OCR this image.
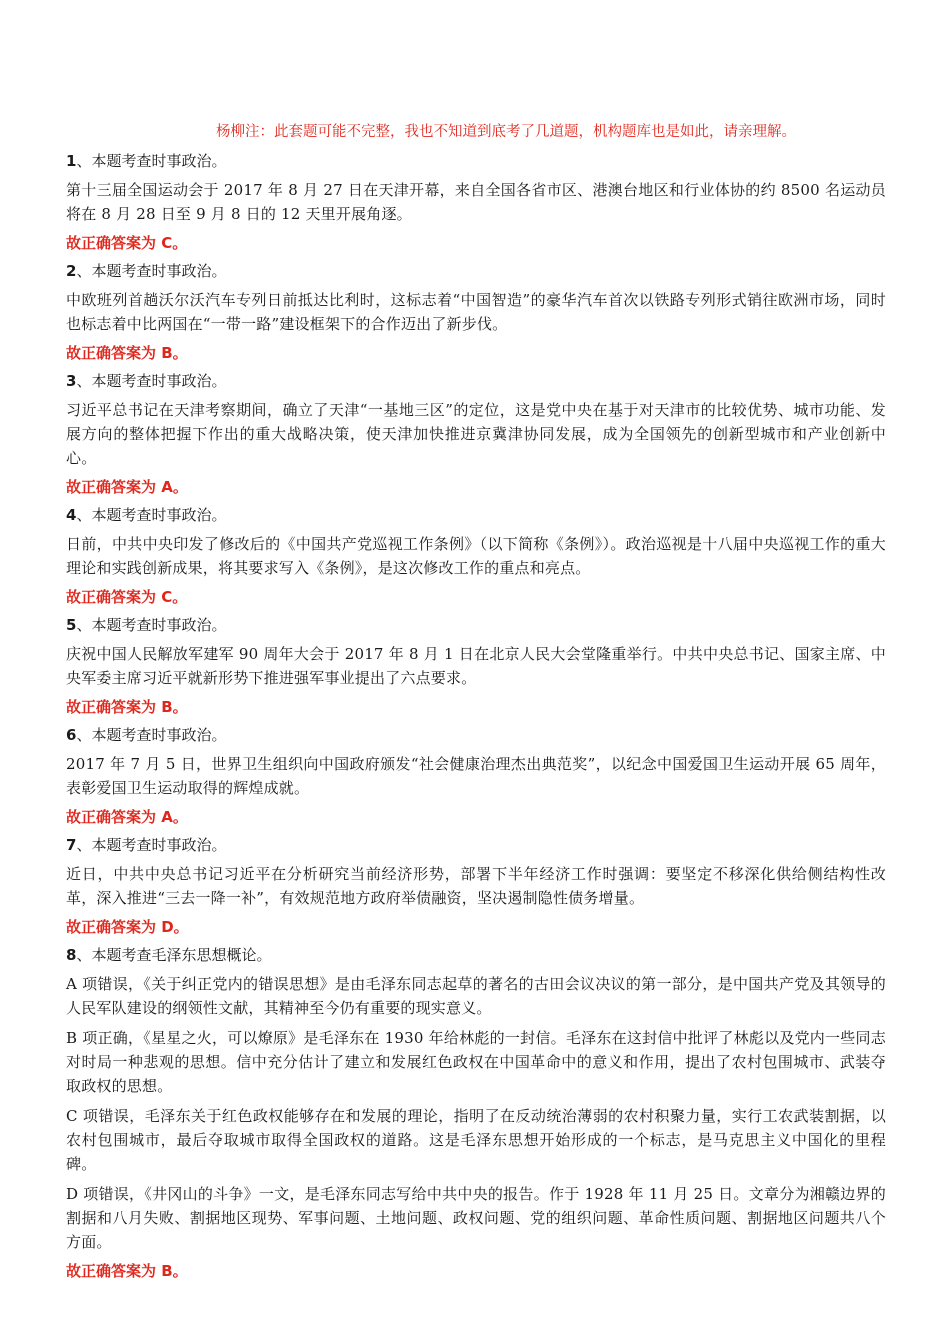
杨柳注：此套题可能不完整，我也不知道到底考了几道题，机构题库也是如此，请亲理解。
1、本题考查时事政治。
第十三届全国运动会于 2017 年 8 月 27 日在天津开幕，来自全国各省市区、港澳台地区和行业体协的约 8500 名运动员将在 8 月 28 日至 9 月 8 日的 12 天里开展角逐。
故正确答案为 C。
2、本题考查时事政治。
中欧班列首趟沃尔沃汽车专列日前抵达比利时，这标志着“中国智造”的豪华汽车首次以铁路专列形式销往欧洲市场，同时也标志着中比两国在“一带一路”建设框架下的合作迈出了新步伐。
故正确答案为 B。
3、本题考查时事政治。
习近平总书记在天津考察期间，确立了天津“一基地三区”的定位，这是党中央在基于对天津市的比较优势、城市功能、发展方向的整体把握下作出的重大战略决策，使天津加快推进京冀津协同发展，成为全国领先的创新型城市和产业创新中心。
故正确答案为 A。
4、本题考查时事政治。
日前，中共中央印发了修改后的《中国共产党巡视工作条例》（以下简称《条例》）。政治巡视是十八届中央巡视工作的重大理论和实践创新成果，将其要求写入《条例》，是这次修改工作的重点和亮点。
故正确答案为 C。
5、本题考查时事政治。
庆祝中国人民解放军建军 90 周年大会于 2017 年 8 月 1 日在北京人民大会堂隆重举行。中共中央总书记、国家主席、中央军委主席习近平就新形势下推进强军事业提出了六点要求。
故正确答案为 B。
6、本题考查时事政治。
2017 年 7 月 5 日，世界卫生组织向中国政府颁发“社会健康治理杰出典范奖”，以纪念中国爱国卫生运动开展 65 周年，表彰爱国卫生运动取得的辉煌成就。
故正确答案为 A。
7、本题考查时事政治。
近日，中共中央总书记习近平在分析研究当前经济形势，部署下半年经济工作时强调：要坚定不移深化供给侧结构性改革，深入推进“三去一降一补”，有效规范地方政府举债融资，坚决遏制隐性债务增量。
故正确答案为 D。
8、本题考查毛泽东思想概论。
A 项错误，《关于纠正党内的错误思想》是由毛泽东同志起草的著名的古田会议决议的第一部分，是中国共产党及其领导的人民军队建设的纲领性文献，其精神至今仍有重要的现实意义。
B 项正确，《星星之火，可以燎原》是毛泽东在 1930 年给林彪的一封信。毛泽东在这封信中批评了林彪以及党内一些同志对时局一种悲观的思想。信中充分估计了建立和发展红色政权在中国革命中的意义和作用，提出了农村包围城市、武装夺取政权的思想。
C 项错误，毛泽东关于红色政权能够存在和发展的理论，指明了在反动统治薄弱的农村积聚力量，实行工农武装割据，以农村包围城市，最后夺取城市取得全国政权的道路。这是毛泽东思想开始形成的一个标志，是马克思主义中国化的里程碑。
D 项错误，《井冈山的斗争》一文，是毛泽东同志写给中共中央的报告。作于 1928 年 11 月 25 日。文章分为湘赣边界的割据和八月失败、割据地区现势、军事问题、土地问题、政权问题、党的组织问题、革命性质问题、割据地区问题共八个方面。
故正确答案为 B。
